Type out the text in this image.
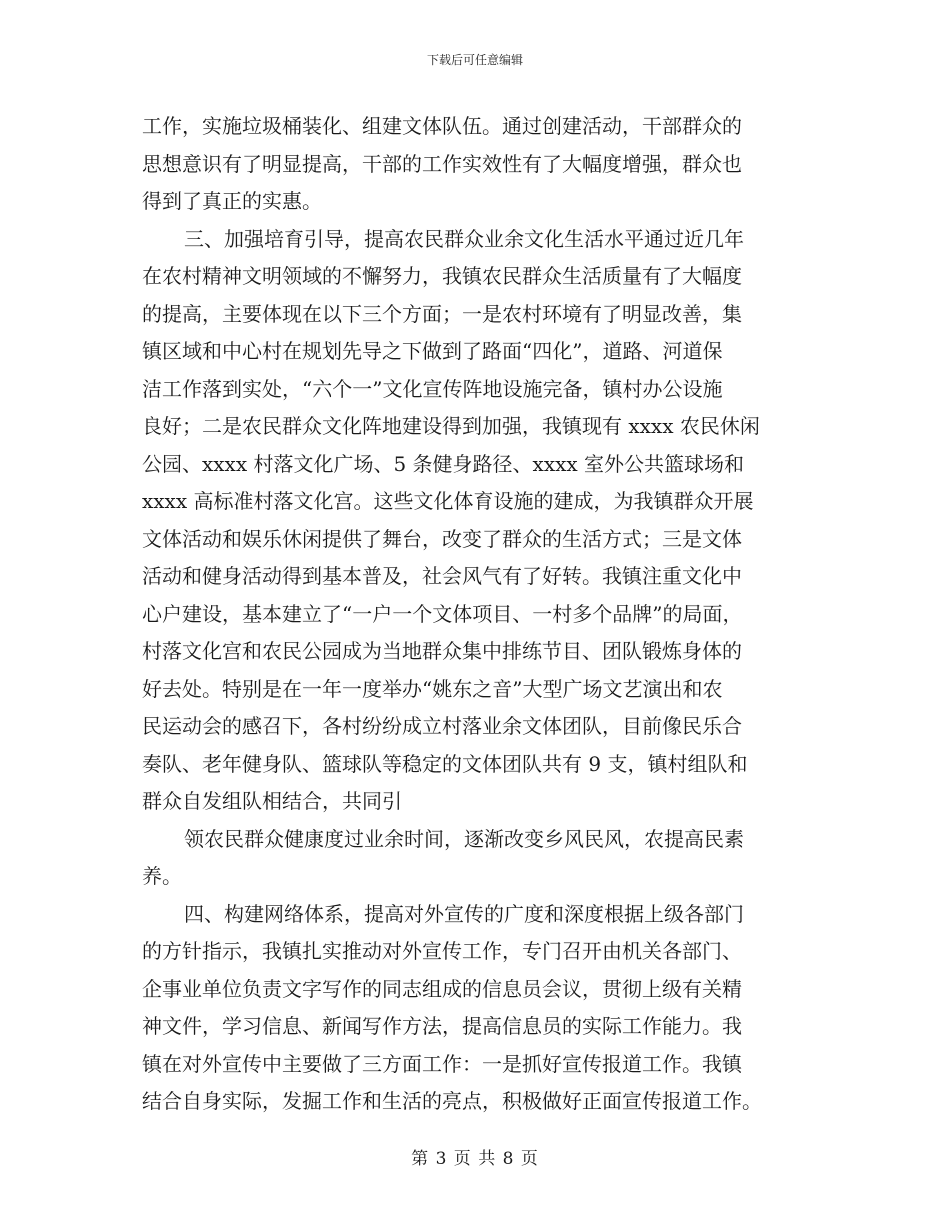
下载后可任意编辑
工作，实施垃圾桶装化、组建文体队伍。通过创建活动，干部群众的
思想意识有了明显提高，干部的工作实效性有了大幅度增强，群众也
得到了真正的实惠。
三、加强培育引导，提高农民群众业余文化生活水平通过近几年
在农村精神文明领域的不懈努力，我镇农民群众生活质量有了大幅度
的提高，主要体现在以下三个方面；一是农村环境有了明显改善，集
镇区域和中心村在规划先导之下做到了路面“四化”，道路、河道保
洁工作落到实处，“六个一”文化宣传阵地设施完备，镇村办公设施
良好；二是农民群众文化阵地建设得到加强，我镇现有 xxxx 农民休闲
公园、xxxx 村落文化广场、5 条健身路径、xxxx 室外公共篮球场和
xxxx 高标准村落文化宫。这些文化体育设施的建成，为我镇群众开展
文体活动和娱乐休闲提供了舞台，改变了群众的生活方式；三是文体
活动和健身活动得到基本普及，社会风气有了好转。我镇注重文化中
心户建设，基本建立了“一户一个文体项目、一村多个品牌”的局面，
村落文化宫和农民公园成为当地群众集中排练节目、团队锻炼身体的
好去处。特别是在一年一度举办“姚东之音”大型广场文艺演出和农
民运动会的感召下，各村纷纷成立村落业余文体团队，目前像民乐合
奏队、老年健身队、篮球队等稳定的文体团队共有 9 支，镇村组队和
群众自发组队相结合，共同引
领农民群众健康度过业余时间，逐渐改变乡风民风，农提高民素
养。
四、构建网络体系，提高对外宣传的广度和深度根据上级各部门
的方针指示，我镇扎实推动对外宣传工作，专门召开由机关各部门、
企事业单位负责文字写作的同志组成的信息员会议，贯彻上级有关精
神文件，学习信息、新闻写作方法，提高信息员的实际工作能力。我
镇在对外宣传中主要做了三方面工作：一是抓好宣传报道工作。我镇
结合自身实际，发掘工作和生活的亮点，积极做好正面宣传报道工作。
第 3 页 共 8 页
